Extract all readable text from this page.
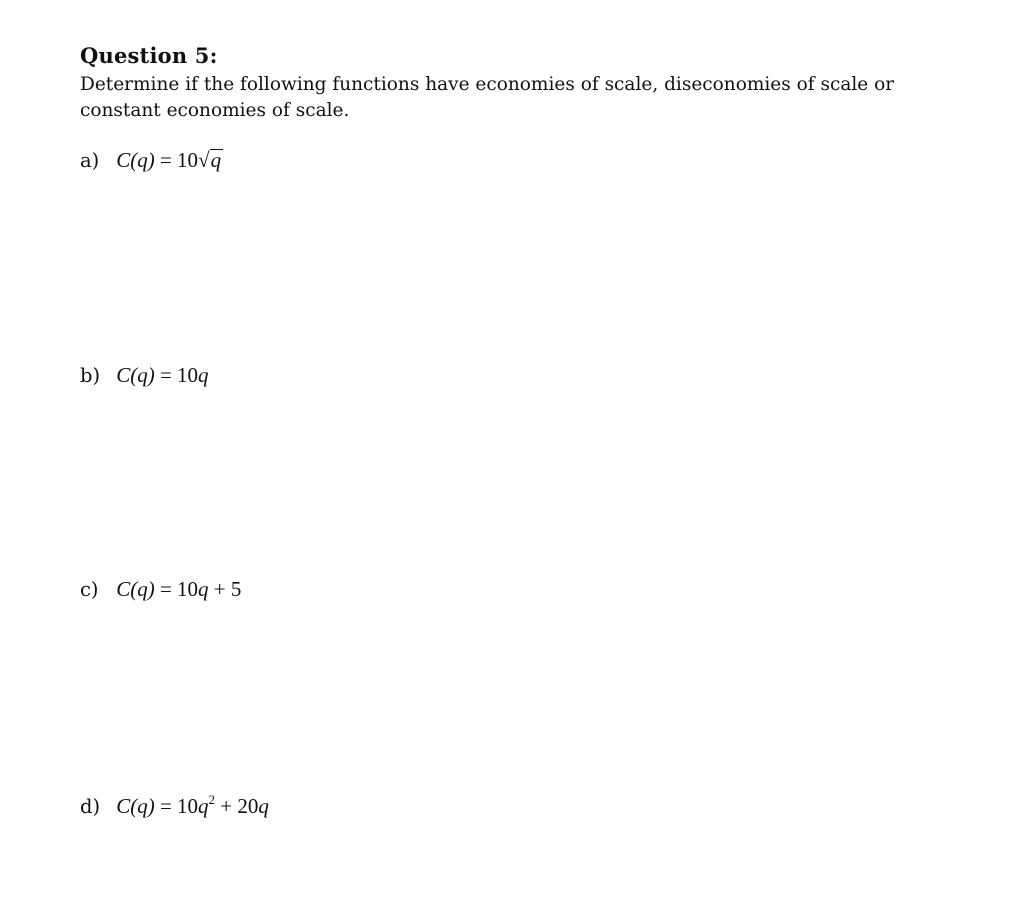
Question 5:
Determine if the following functions have economies of scale, diseconomies of scale or constant economies of scale.
a) C(q) = 10√q
b) C(q) = 10q
c) C(q) = 10q + 5
d) $C(q) = 10q^2 + 20q$
